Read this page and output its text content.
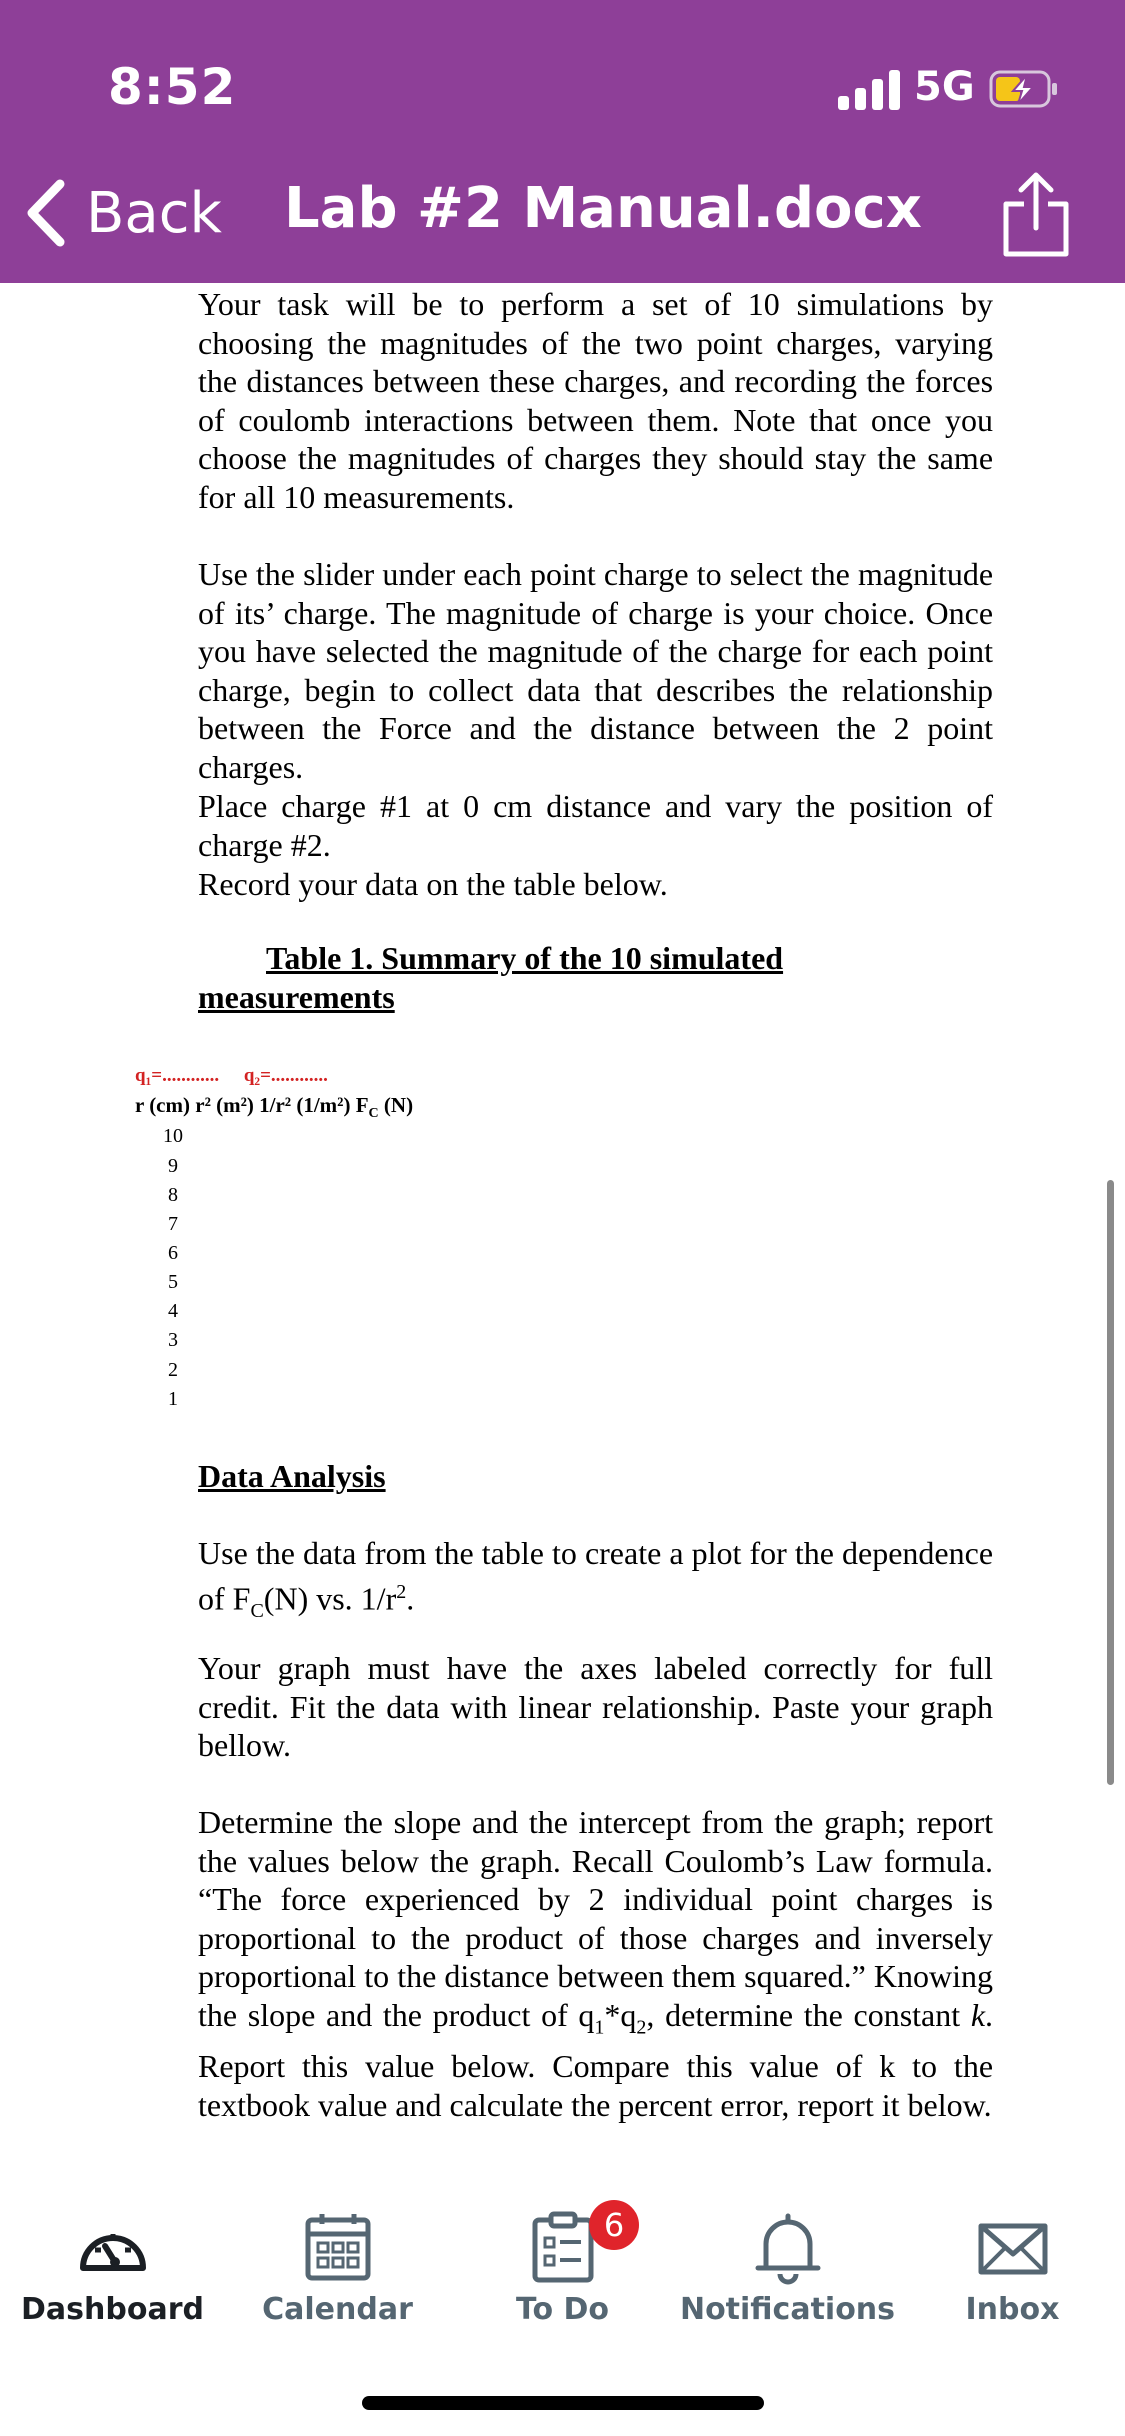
8:52	5G
Back Lab #2 Manual.docx
Your task will be to perform a set of 10 simulations by choosing the magnitudes of the two point charges, varying the distances between these charges, and recording the forces of coulomb interactions between them. Note that once you choose the magnitudes of charges they should stay the same for all 10 measurements.
Use the slider under each point charge to select the magnitude of its’ charge. The magnitude of charge is your choice. Once you have selected the magnitude of the charge for each point charge, begin to collect data that describes the relationship between the Force and the distance between the 2 point charges.
Place charge #1 at 0 cm distance and vary the position of charge #2.
Record your data on the table below.
Table 1. Summary of the 10 simulated
measurements
q₁=............ q₂=............
r (cm) r² (m²) 1/r² (1/m²) $F_C$ (N)
10
9
8
7
6
5
4
3
2
1
Data Analysis
Use the data from the table to create a plot for the dependence of $F_C(N)$ vs. $1/r^2$.
Your graph must have the axes labeled correctly for full credit. Fit the data with linear relationship. Paste your graph bellow.
Determine the slope and the intercept from the graph; report the values below the graph. Recall Coulomb’s Law formula. “The force experienced by 2 individual point charges is proportional to the product of those charges and inversely proportional to the distance between them squared.” Knowing the slope and the product of $q_1*q_2$, determine the constant k. Report this value below. Compare this value of k to the textbook value and calculate the percent error, report it below.
Dashboard	Calendar
6
To Do	Notifications	Inbox
